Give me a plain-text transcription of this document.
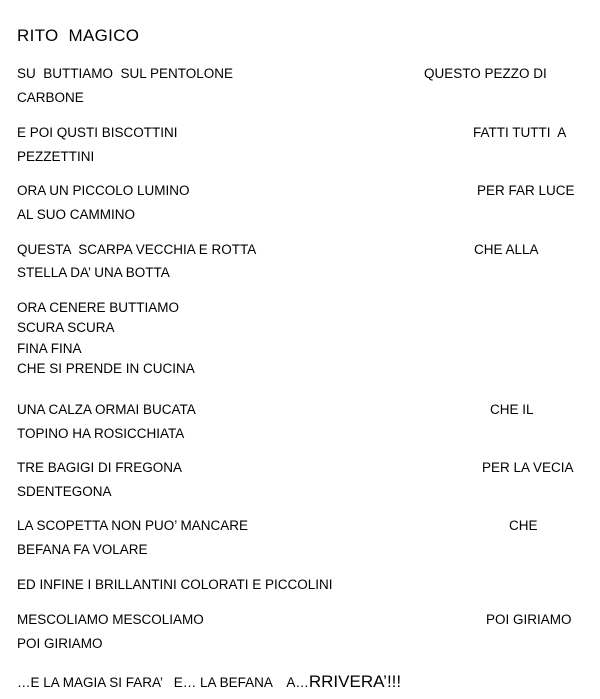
RITO  MAGICO
SU  BUTTIAMO  SUL PENTOLONE	QUESTO PEZZO DI
CARBONE
E POI QUSTI BISCOTTINI	FATTI TUTTI  A
PEZZETTINI
ORA UN PICCOLO LUMINO	PER FAR LUCE
AL SUO CAMMINO
QUESTA  SCARPA VECCHIA E ROTTA	CHE ALLA
STELLA DA’ UNA BOTTA
ORA CENERE BUTTIAMO
SCURA SCURA
FINA FINA
CHE SI PRENDE IN CUCINA
UNA CALZA ORMAI BUCATA	CHE IL
TOPINO HA ROSICCHIATA
TRE BAGIGI DI FREGONA	PER LA VECIA
SDENTEGONA
LA SCOPETTA NON PUO’ MANCARE	CHE
BEFANA FA VOLARE
ED INFINE I BRILLANTINI COLORATI E PICCOLINI
MESCOLIAMO MESCOLIAMO	POI GIRIAMO
POI GIRIAMO
…E LA MAGIA SI FARA’   E… LA BEFANA    A…RRIVERA’!!!
